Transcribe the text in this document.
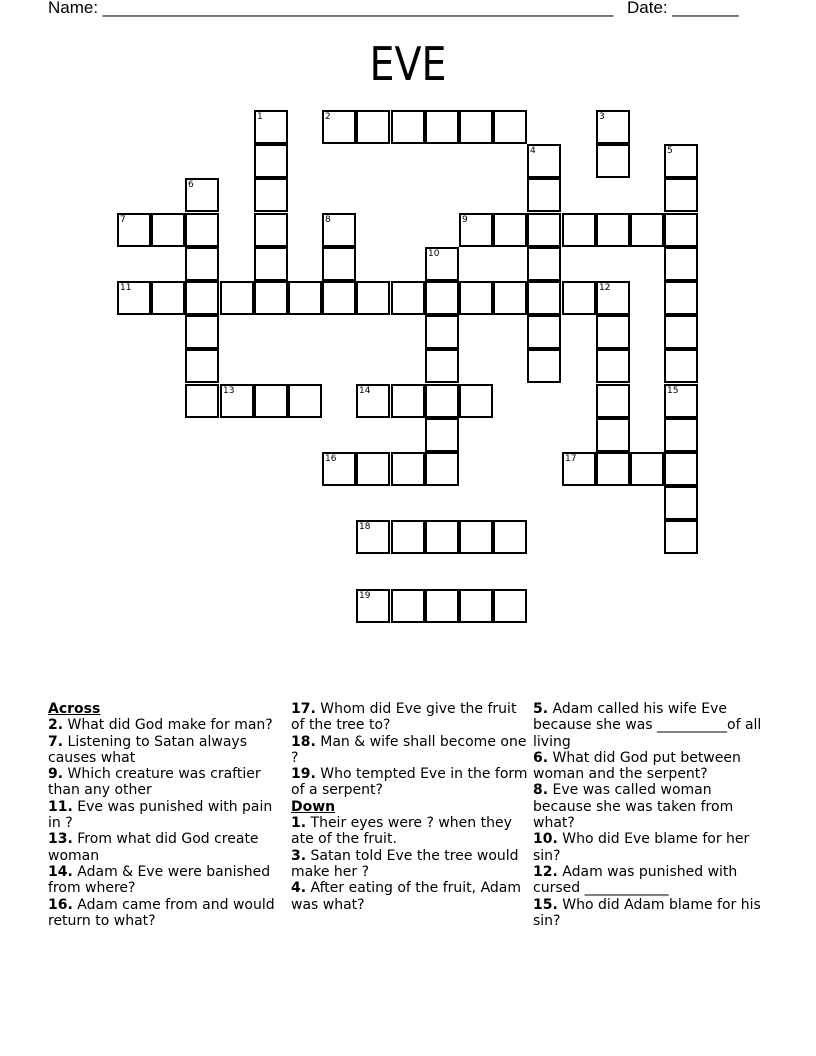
Name: ______________________________________________________ Date: _______
EVE
2
7	9
11	12
13	14
16	17
18
19
1	3
4	5
6
8
10
15
Across

2. What did God make for man?

7. Listening to Satan always causes what

9. Which creature was craftier than any other

11. Eve was punished with pain in ?

13. From what did God create woman

14. Adam & Eve were banished from where?

16. Adam came from and would return to what?

17. Whom did Eve give the fruit of the tree to?

18. Man & wife shall become one ?

19. Who tempted Eve in the form of a serpent?

Down

1. Their eyes were ? when they ate of the fruit.

3. Satan told Eve the tree would make her ?

4. After eating of the fruit, Adam was what?

5. Adam called his wife Eve because she was __________of all living

6. What did God put between woman and the serpent?

8. Eve was called woman because she was taken from what?

10. Who did Eve blame for her sin?

12. Adam was punished with cursed ____________

15. Who did Adam blame for his sin?
